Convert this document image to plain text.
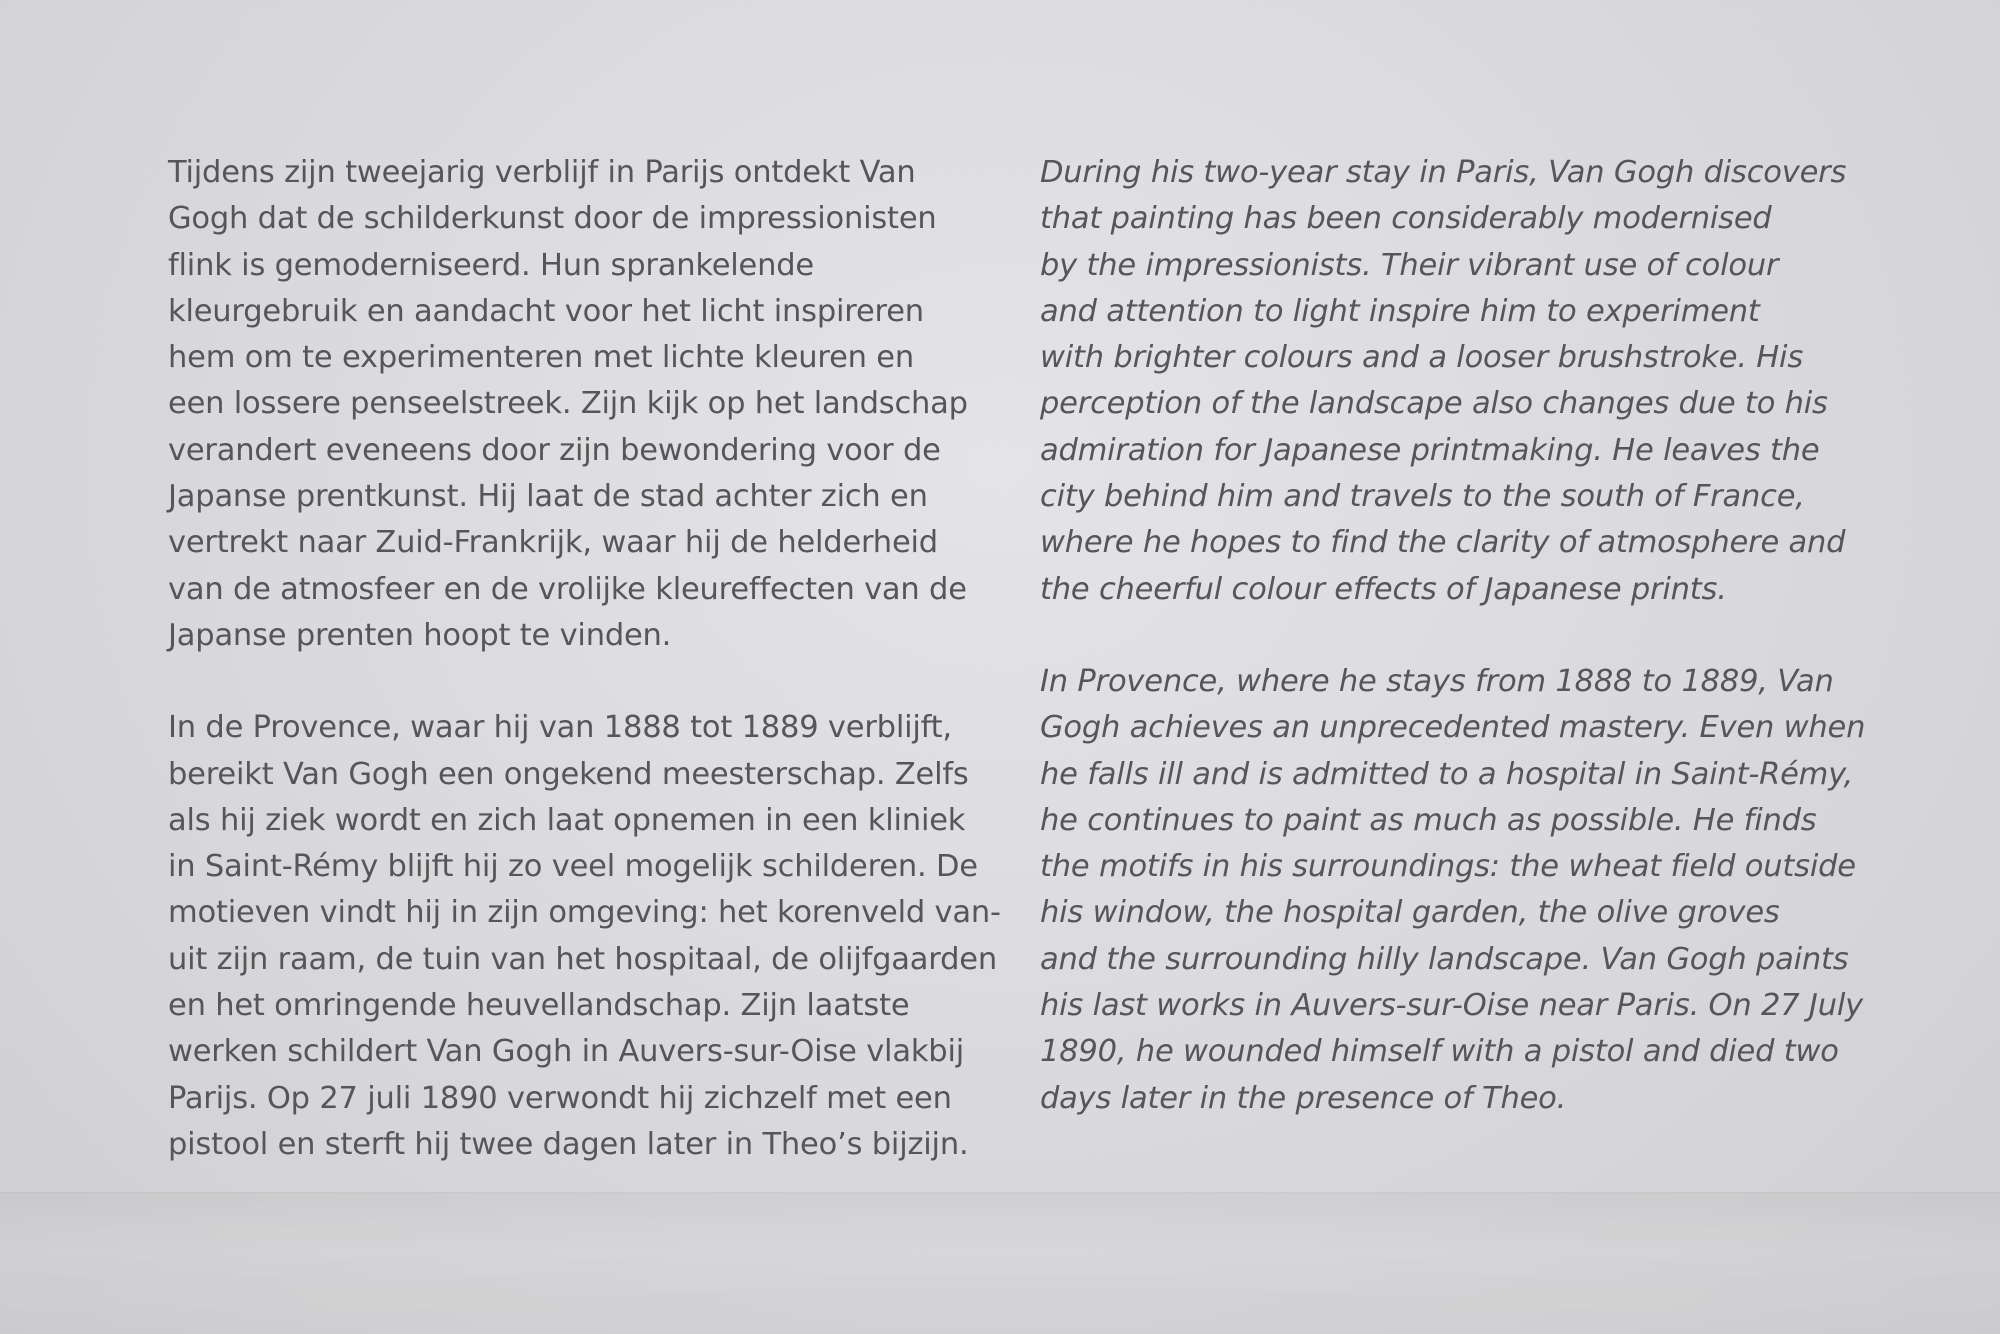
Tijdens zijn tweejarig verblijf in Parijs ontdekt Van
Gogh dat de schilderkunst door de impressionisten
flink is gemoderniseerd. Hun sprankelende
kleurgebruik en aandacht voor het licht inspireren
hem om te experimenteren met lichte kleuren en
een lossere penseelstreek. Zijn kijk op het landschap
verandert eveneens door zijn bewondering voor de
Japanse prentkunst. Hij laat de stad achter zich en
vertrekt naar Zuid-Frankrijk, waar hij de helderheid
van de atmosfeer en de vrolijke kleureffecten van de
Japanse prenten hoopt te vinden.

In de Provence, waar hij van 1888 tot 1889 verblijft,
bereikt Van Gogh een ongekend meesterschap. Zelfs
als hij ziek wordt en zich laat opnemen in een kliniek
in Saint-Rémy blijft hij zo veel mogelijk schilderen. De
motieven vindt hij in zijn omgeving: het korenveld van-
uit zijn raam, de tuin van het hospitaal, de olijfgaarden
en het omringende heuvellandschap. Zijn laatste
werken schildert Van Gogh in Auvers-sur-Oise vlakbij
Parijs. Op 27 juli 1890 verwondt hij zichzelf met een
pistool en sterft hij twee dagen later in Theo’s bijzijn.

During his two-year stay in Paris, Van Gogh discovers
that painting has been considerably modernised
by the impressionists. Their vibrant use of colour
and attention to light inspire him to experiment
with brighter colours and a looser brushstroke. His
perception of the landscape also changes due to his
admiration for Japanese printmaking. He leaves the
city behind him and travels to the south of France,
where he hopes to find the clarity of atmosphere and
the cheerful colour effects of Japanese prints.

In Provence, where he stays from 1888 to 1889, Van
Gogh achieves an unprecedented mastery. Even when
he falls ill and is admitted to a hospital in Saint-Rémy,
he continues to paint as much as possible. He finds
the motifs in his surroundings: the wheat field outside
his window, the hospital garden, the olive groves
and the surrounding hilly landscape. Van Gogh paints
his last works in Auvers-sur-Oise near Paris. On 27 July
1890, he wounded himself with a pistol and died two
days later in the presence of Theo.
